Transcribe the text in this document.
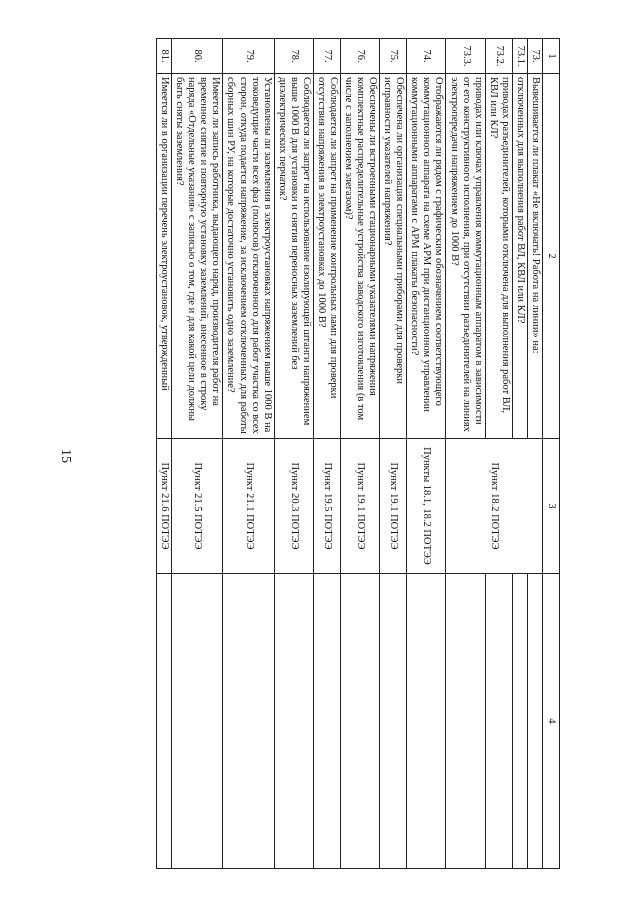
15
1	2	3	4
73.	Вывешивается ли плакат «Не включать! Работа на линии» на:	Пункт 18.2 ПОТЭЭ	
73.1.	отключенных для выполнения работ ВЛ, КВЛ или КЛ?		
73.2.	приводах разъединителей, которыми отключена для выполнения работ ВЛ, КВЛ или КЛ?		
73.3.	приводах или ключах управления коммутационным аппаратом в зависимости от его конструктивного исполнения, при отсутствии разъединителей на линиях электропередачи напряжением до 1000 В?		
74.	Отображаются ли рядом с графическим обозначением соответствующего коммутационного аппарата на схеме АРМ при дистанционном управлении коммутационными аппаратами с АРМ плакаты безопасности?	Пункты 18.1, 18.2 ПОТЭЭ	
75.	Обеспечена ли организация специальными приборами для проверки исправности указателей напряжения?	Пункт 19.1 ПОТЭЭ	
76.	Обеспечены ли встроенными стационарными указателями напряжения комплектные распределительные устройства заводского изготовления (в том числе с заполнением элегазом)?	Пункт 19.1 ПОТЭЭ	
77.	Соблюдается ли запрет на применение контрольных ламп для проверки отсутствия напряжения в электроустановках до 1000 В?	Пункт 19.5 ПОТЭЭ	
78.	Соблюдается ли запрет на использование изолирующей штанги напряжением выше 1000 В для установки и снятия переносных заземлений без диэлектрических перчаток?	Пункт 20.3 ПОТЭЭ	
79.	Установлены ли заземления в электроустановках напряжением выше 1000 В на токоведущие части всех фаз (полюсов) отключенного для работ участка со всех сторон, откуда подается напряжение, за исключением отключенных для работы сборных шин РУ, на которые достаточно установить одно заземление?	Пункт 21.1 ПОТЭЭ	
80.	Имеется ли запись работника, выдающего наряд, производителя работ на временное снятие и повторную установку заземлений, внесенное в строку наряда «Отдельные указания» с записью о том, где и для какой цели должны быть сняты заземления?	Пункт 21.5 ПОТЭЭ	
81.	Имеется ли в организации перечень электроустановок, утвержденный	Пункт 21.6 ПОТЭЭ	
